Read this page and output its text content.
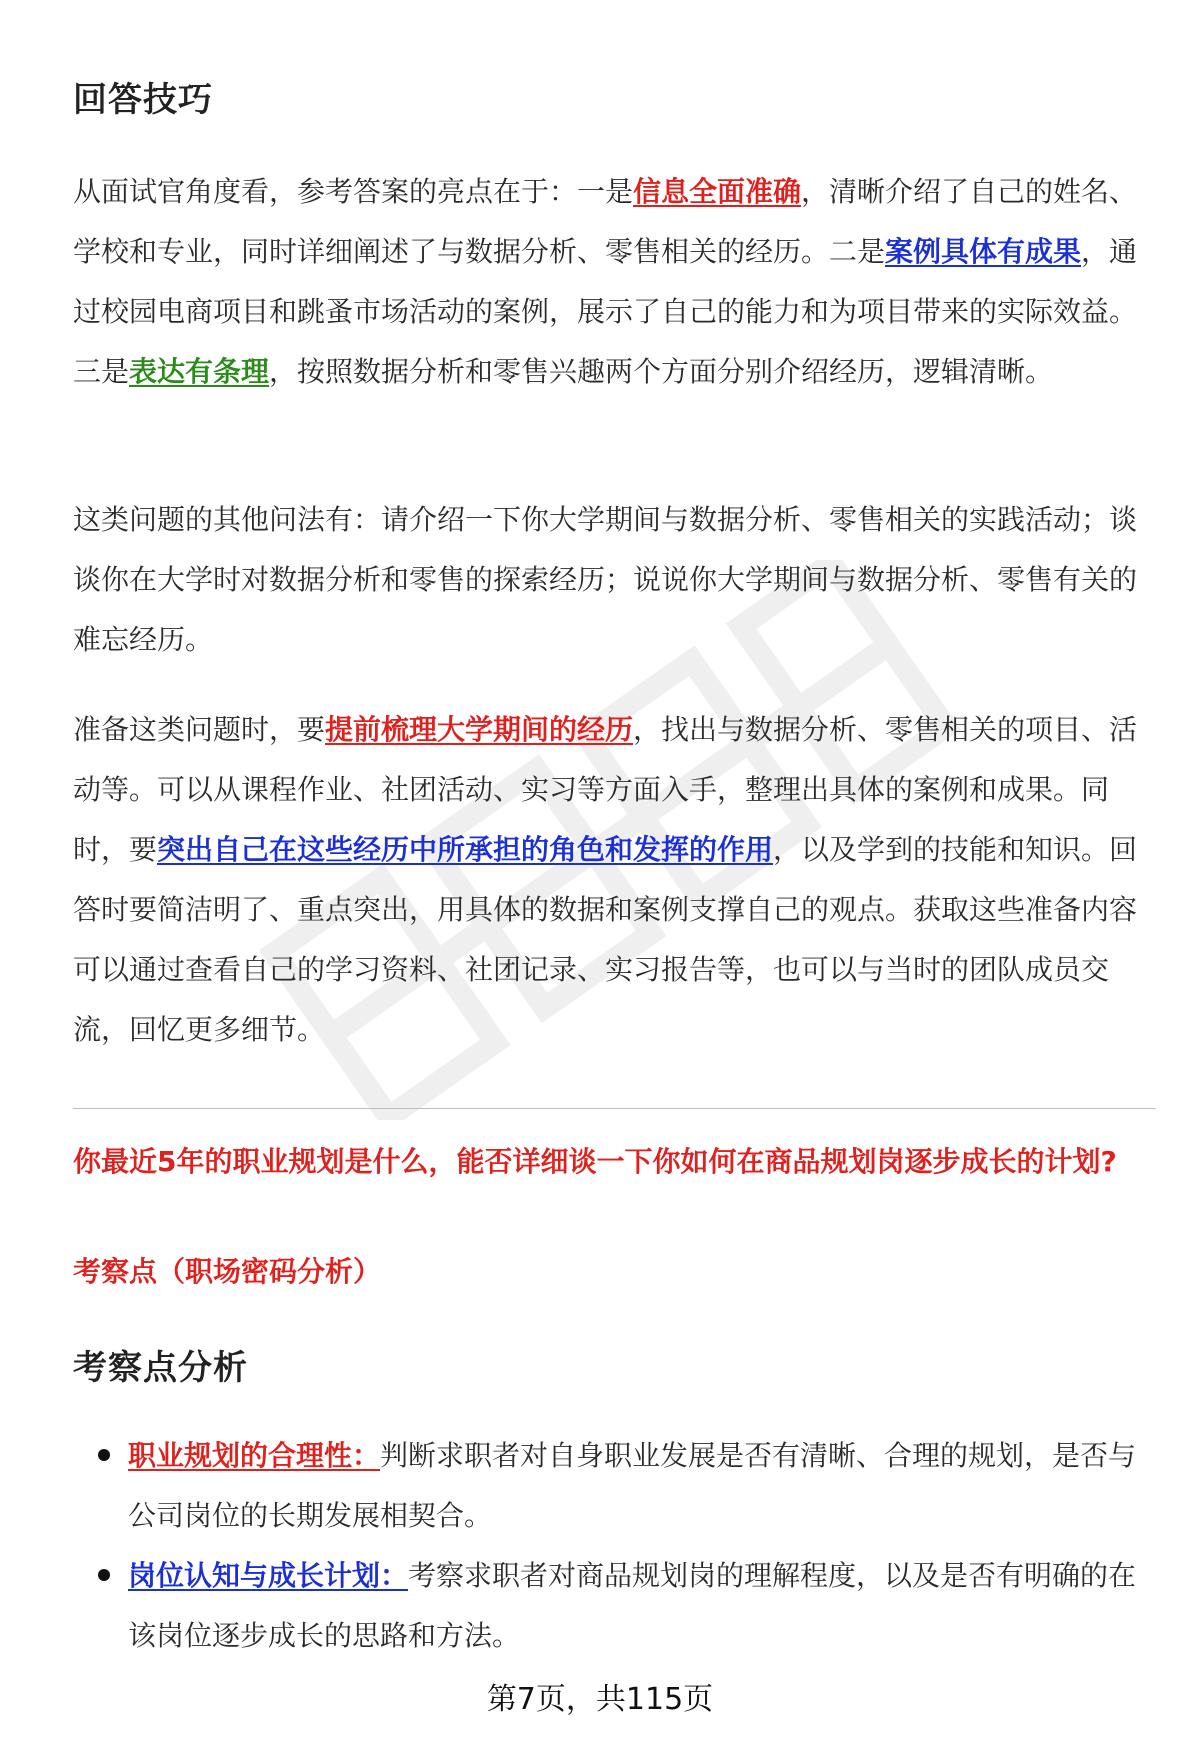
回答技巧

从面试官角度看，参考答案的亮点在于：一是信息全面准确，清晰介绍了自己的姓名、学校和专业，同时详细阐述了与数据分析、零售相关的经历。二是案例具体有成果，通过校园电商项目和跳蚤市场活动的案例，展示了自己的能力和为项目带来的实际效益。三是表达有条理，按照数据分析和零售兴趣两个方面分别介绍经历，逻辑清晰。

这类问题的其他问法有：请介绍一下你大学期间与数据分析、零售相关的实践活动；谈谈你在大学时对数据分析和零售的探索经历；说说你大学期间与数据分析、零售有关的难忘经历。

准备这类问题时，要提前梳理大学期间的经历，找出与数据分析、零售相关的项目、活动等。可以从课程作业、社团活动、实习等方面入手，整理出具体的案例和成果。同时，要突出自己在这些经历中所承担的角色和发挥的作用，以及学到的技能和知识。回答时要简洁明了、重点突出，用具体的数据和案例支撑自己的观点。获取这些准备内容可以通过查看自己的学习资料、社团记录、实习报告等，也可以与当时的团队成员交流，回忆更多细节。

你最近5年的职业规划是什么，能否详细谈一下你如何在商品规划岗逐步成长的计划?

考察点（职场密码分析）

考察点分析
职业规划的合理性：判断求职者对自身职业发展是否有清晰、合理的规划，是否与公司岗位的长期发展相契合。
岗位认知与成长计划：考察求职者对商品规划岗的理解程度，以及是否有明确的在该岗位逐步成长的思路和方法。
第7页，共115页
